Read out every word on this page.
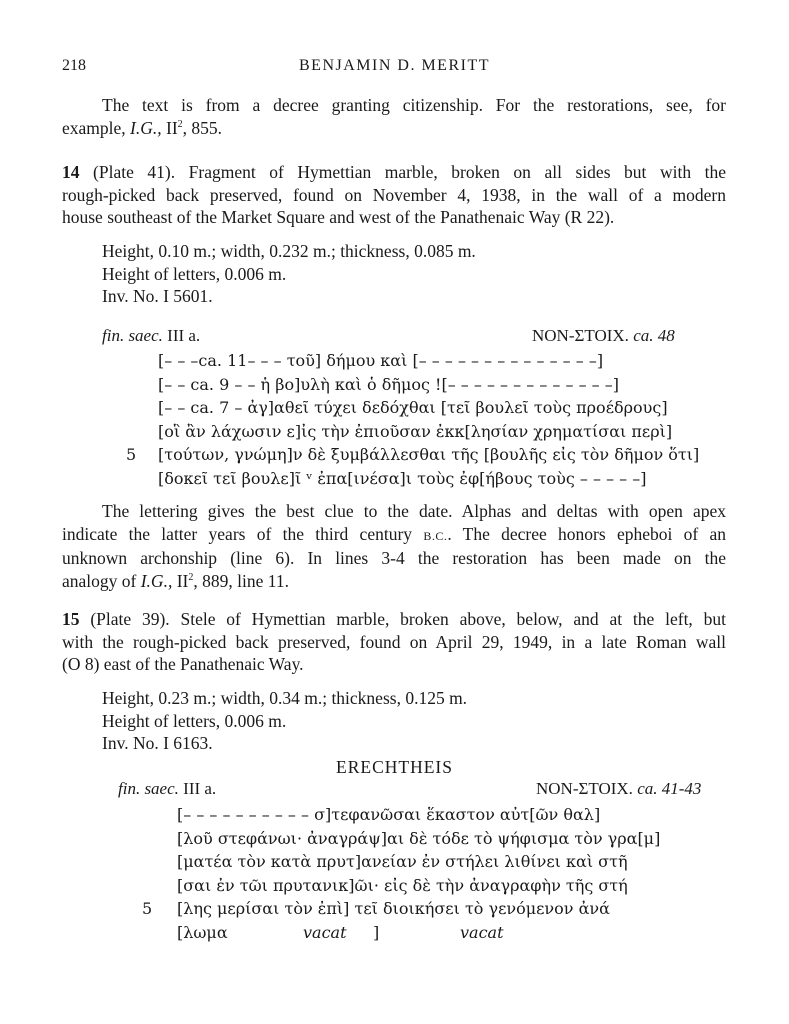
218	BENJAMIN D. MERITT
The text is from a decree granting citizenship. For the restorations, see, for
example, I.G., $II^2$, 855.
14 (Plate 41). Fragment of Hymettian marble, broken on all sides but with the
rough-picked back preserved, found on November 4, 1938, in the wall of a modern
house southeast of the Market Square and west of the Panathenaic Way (R 22).
Height, 0.10 m.; width, 0.232 m.; thickness, 0.085 m.
Height of letters, 0.006 m.
Inv. No. I 5601.
fin. saec. III a.	NON-ΣΤΟΙΧ. ca. 48
[– – –ca. 11– – – τοῦ] δήμου καὶ [– – – – – – – – – – – – – –]
[– – ca. 9 – – ἡ βο]υλὴ καὶ ὁ δῆμος ![– – – – – – – – – – – – –]
[– – ca. 7 – ἀγ]αθεῖ τύχει δεδόχθαι [τεῖ βουλεῖ τοὺς προέδρους]
[οἳ ἂν λάχωσιν ε]ἰς τὴν ἐπιοῦσαν ἐκκ[λησίαν χρηματίσαι περὶ]
5 [τούτων, γνώμη]ν δὲ ξυμβάλλεσθαι τῆς [βουλῆς εἰς τὸν δῆμον ὅτι]
[δοκεῖ τεῖ βουλε]ῖ ᵛ ἐπα[ινέσα]ι τοὺς ἐφ[ήβους τοὺς – – – – –]
The lettering gives the best clue to the date. Alphas and deltas with open apex
indicate the latter years of the third century B.C.. The decree honors epheboi of an
unknown archonship (line 6). In lines 3-4 the restoration has been made on the
analogy of I.G., $II^2$, 889, line 11.
15 (Plate 39). Stele of Hymettian marble, broken above, below, and at the left, but
with the rough-picked back preserved, found on April 29, 1949, in a late Roman wall
(O 8) east of the Panathenaic Way.
Height, 0.23 m.; width, 0.34 m.; thickness, 0.125 m.
Height of letters, 0.006 m.
Inv. No. I 6163.
ERECHTHEIS
fin. saec. III a.	NON-ΣΤΟΙΧ. ca. 41-43
[– – – – – – – – – – σ]τεφανῶσαι ἕκαστον αὐτ[ῶν θαλ]
[λοῦ στεφάνωι· ἀναγράψ]αι δὲ τόδε τὸ ψήφισμα τὸν γρα[μ]
[ματέα τὸν κατὰ πρυτ]ανείαν ἐν στήλει λιθίνει καὶ στῆ
[σαι ἐν τῶι πρυτανικ]ῶι· εἰς δὲ τὴν ἀναγραφὴν τῆς στή
5 [λης μερίσαι τὸν ἐπὶ] τεῖ διοικήσει τὸ γενόμενον ἀνά
[λωμα	vacat ]	vacat
